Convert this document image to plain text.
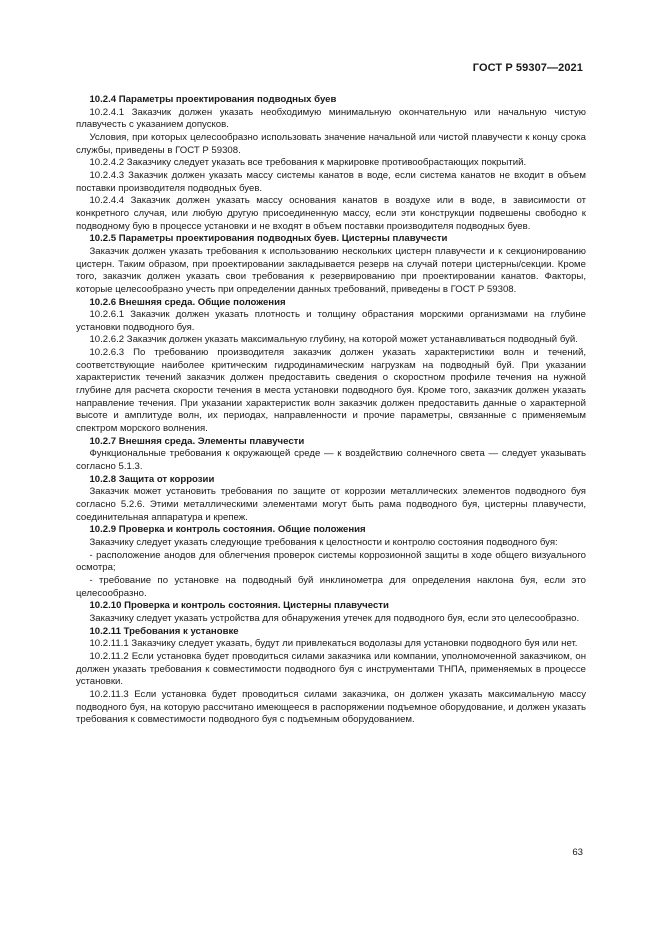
ГОСТ Р 59307—2021

10.2.4 Параметры проектирования подводных буев

10.2.4.1 Заказчик должен указать необходимую минимальную окончательную или начальную чистую плавучесть с указанием допусков.

Условия, при которых целесообразно использовать значение начальной или чистой плавучести к концу срока службы, приведены в ГОСТ Р 59308.

10.2.4.2 Заказчику следует указать все требования к маркировке противообрастающих покрытий.

10.2.4.3 Заказчик должен указать массу системы канатов в воде, если система канатов не входит в объем поставки производителя подводных буев.

10.2.4.4 Заказчик должен указать массу основания канатов в воздухе или в воде, в зависимости от конкретного случая, или любую другую присоединенную массу, если эти конструкции подвешены свободно к подводному бую в процессе установки и не входят в объем поставки производителя подводных буев.

10.2.5 Параметры проектирования подводных буев. Цистерны плавучести

Заказчик должен указать требования к использованию нескольких цистерн плавучести и к секционированию цистерн. Таким образом, при проектировании закладывается резерв на случай потери цистерны/секции. Кроме того, заказчик должен указать свои требования к резервированию при проектировании канатов. Факторы, которые целесообразно учесть при определении данных требований, приведены в ГОСТ Р 59308.

10.2.6 Внешняя среда. Общие положения

10.2.6.1 Заказчик должен указать плотность и толщину обрастания морскими организмами на глубине установки подводного буя.

10.2.6.2 Заказчик должен указать максимальную глубину, на которой может устанавливаться подводный буй.

10.2.6.3 По требованию производителя заказчик должен указать характеристики волн и течений, соответствующие наиболее критическим гидродинамическим нагрузкам на подводный буй. При указании характеристик течений заказчик должен предоставить сведения о скоростном профиле течения на нужной глубине для расчета скорости течения в места установки подводного буя. Кроме того, заказчик должен указать направление течения. При указании характеристик волн заказчик должен предоставить данные о характерной высоте и амплитуде волн, их периодах, направленности и прочие параметры, связанные с применяемым спектром морского волнения.

10.2.7 Внешняя среда. Элементы плавучести

Функциональные требования к окружающей среде — к воздействию солнечного света — следует указывать согласно 5.1.3.

10.2.8 Защита от коррозии

Заказчик может установить требования по защите от коррозии металлических элементов подводного буя согласно 5.2.6. Этими металлическими элементами могут быть рама подводного буя, цистерны плавучести, соединительная аппаратура и крепеж.

10.2.9 Проверка и контроль состояния. Общие положения

Заказчику следует указать следующие требования к целостности и контролю состояния подводного буя:

- расположение анодов для облегчения проверок системы коррозионной защиты в ходе общего визуального осмотра;

- требование по установке на подводный буй инклинометра для определения наклона буя, если это целесообразно.

10.2.10 Проверка и контроль состояния. Цистерны плавучести

Заказчику следует указать устройства для обнаружения утечек для подводного буя, если это целесообразно.

10.2.11 Требования к установке

10.2.11.1 Заказчику следует указать, будут ли привлекаться водолазы для установки подводного буя или нет.

10.2.11.2 Если установка будет проводиться силами заказчика или компании, уполномоченной заказчиком, он должен указать требования к совместимости подводного буя с инструментами ТНПА, применяемых в процессе установки.

10.2.11.3 Если установка будет проводиться силами заказчика, он должен указать максимальную массу подводного буя, на которую рассчитано имеющееся в распоряжении подъемное оборудование, и должен указать требования к совместимости подводного буя с подъемным оборудованием.

63
